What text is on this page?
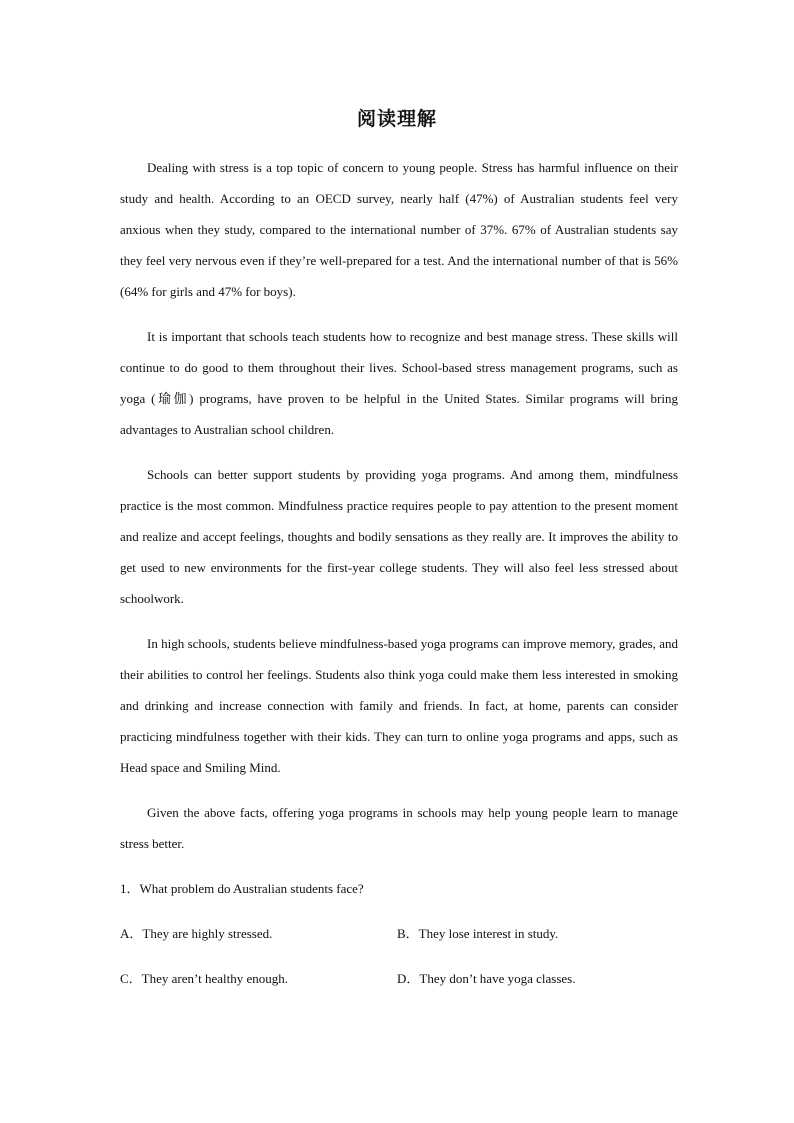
阅读理解

Dealing with stress is a top topic of concern to young people. Stress has harmful influence on their study and health. According to an OECD survey, nearly half (47%) of Australian students feel very anxious when they study, compared to the international number of 37%. 67% of Australian students say they feel very nervous even if they’re well-prepared for a test. And the international number of that is 56% (64% for girls and 47% for boys).

It is important that schools teach students how to recognize and best manage stress. These skills will continue to do good to them throughout their lives. School-based stress management programs, such as yoga (瑜伽) programs, have proven to be helpful in the United States. Similar programs will bring advantages to Australian school children.

Schools can better support students by providing yoga programs. And among them, mindfulness practice is the most common. Mindfulness practice requires people to pay attention to the present moment and realize and accept feelings, thoughts and bodily sensations as they really are. It improves the ability to get used to new environments for the first-year college students. They will also feel less stressed about schoolwork.

In high schools, students believe mindfulness-based yoga programs can improve memory, grades, and their abilities to control her feelings. Students also think yoga could make them less interested in smoking and drinking and increase connection with family and friends. In fact, at home, parents can consider practicing mindfulness together with their kids. They can turn to online yoga programs and apps, such as Head space and Smiling Mind.

Given the above facts, offering yoga programs in schools may help young people learn to manage stress better.

1．What problem do Australian students face?

A．They are highly stressed.	B．They lose interest in study.
C．They aren’t healthy enough.	D．They don’t have yoga classes.
